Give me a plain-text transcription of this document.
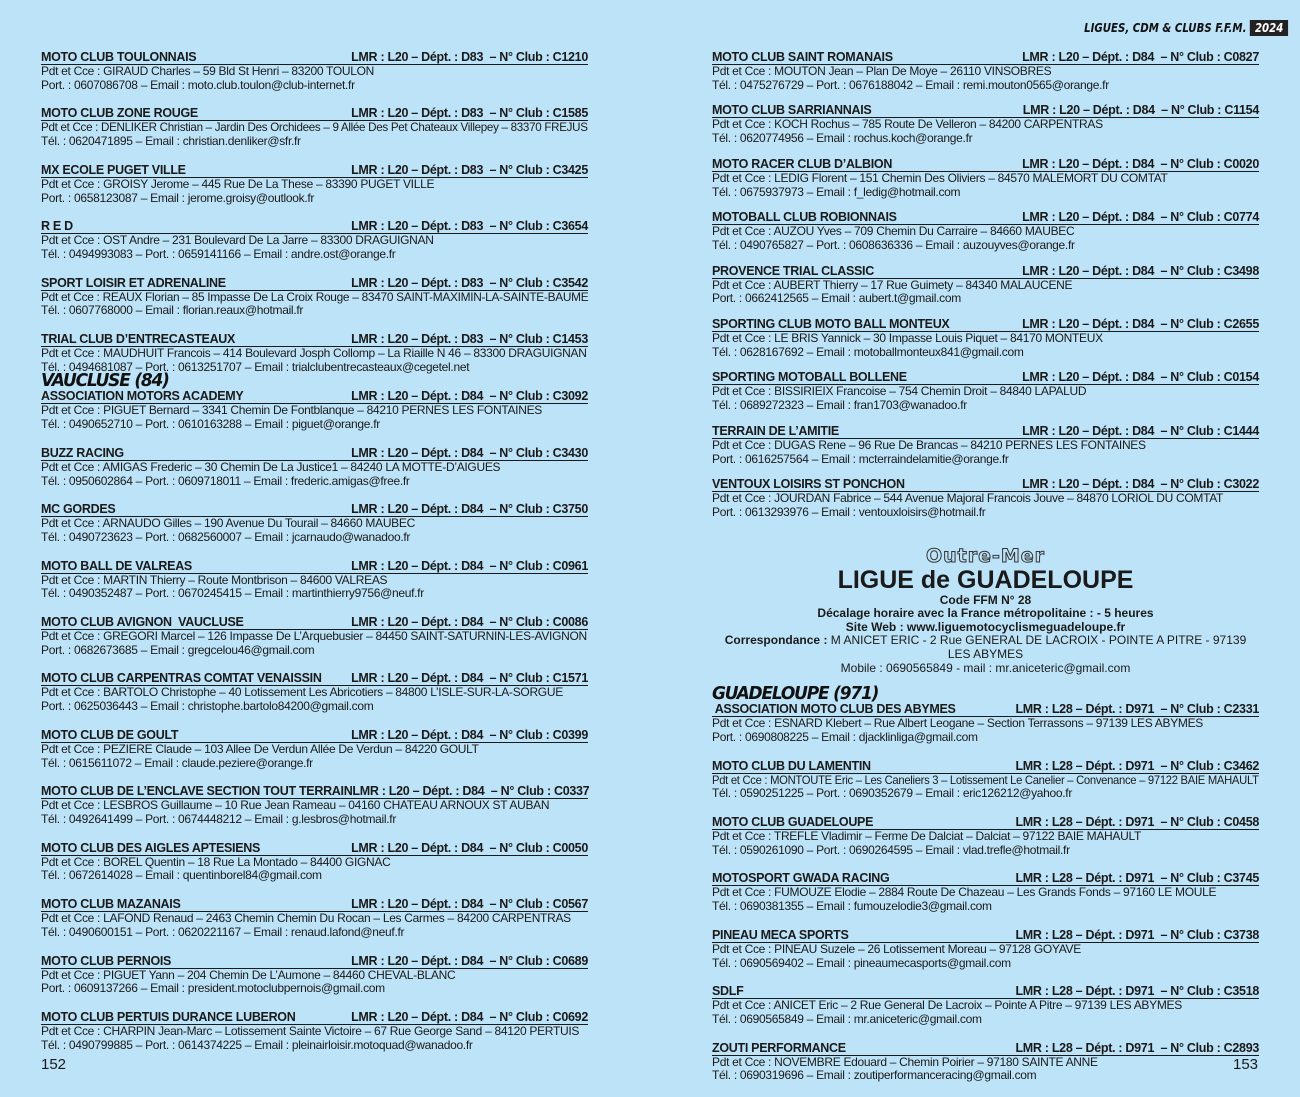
LIGUES, CDM & CLUBS F.F.M. 2024
MOTO CLUB TOULONNAIS	LMR : L20 – Dépt. : D83  – N° Club : C1210
Pdt et Cce : GIRAUD Charles – 59 Bld St Henri – 83200 TOULON
Port. : 0607086708 – Email : moto.club.toulon@club-internet.fr
MOTO CLUB ZONE ROUGE	LMR : L20 – Dépt. : D83  – N° Club : C1585
Pdt et Cce : DENLIKER Christian – Jardin Des Orchidees – 9 Allée Des Pet Chateaux Villepey – 83370 FREJUS
Tél. : 0620471895 – Email : christian.denliker@sfr.fr
MX ECOLE PUGET VILLE	LMR : L20 – Dépt. : D83  – N° Club : C3425
Pdt et Cce : GROISY Jerome – 445 Rue De La These – 83390 PUGET VILLE
Port. : 0658123087 – Email : jerome.groisy@outlook.fr
R E D	LMR : L20 – Dépt. : D83  – N° Club : C3654
Pdt et Cce : OST Andre – 231 Boulevard De La Jarre – 83300 DRAGUIGNAN
Tél. : 0494993083 – Port. : 0659141166 – Email : andre.ost@orange.fr
SPORT LOISIR ET ADRENALINE	LMR : L20 – Dépt. : D83  – N° Club : C3542
Pdt et Cce : REAUX Florian – 85 Impasse De La Croix Rouge – 83470 SAINT-MAXIMIN-LA-SAINTE-BAUME
Tél. : 0607768000 – Email : florian.reaux@hotmail.fr
TRIAL CLUB D’ENTRECASTEAUX	LMR : L20 – Dépt. : D83  – N° Club : C1453
Pdt et Cce : MAUDHUIT Francois – 414 Boulevard Josph Collomp – La Riaille N 46 – 83300 DRAGUIGNAN
Tél. : 0494681087 – Port. : 0613251707 – Email : trialclubentrecasteaux@cegetel.net
VAUCLUSE (84)
ASSOCIATION MOTORS ACADEMY	LMR : L20 – Dépt. : D84  – N° Club : C3092
Pdt et Cce : PIGUET Bernard – 3341 Chemin De Fontblanque – 84210 PERNES LES FONTAINES
Tél. : 0490652710 – Port. : 0610163288 – Email : piguet@orange.fr
BUZZ RACING	LMR : L20 – Dépt. : D84  – N° Club : C3430
Pdt et Cce : AMIGAS Frederic – 30 Chemin De La Justice1 – 84240 LA MOTTE-D’AIGUES
Tél. : 0950602864 – Port. : 0609718011 – Email : frederic.amigas@free.fr
MC GORDES	LMR : L20 – Dépt. : D84  – N° Club : C3750
Pdt et Cce : ARNAUDO Gilles – 190 Avenue Du Tourail – 84660 MAUBEC
Tél. : 0490723623 – Port. : 0682560007 – Email : jcarnaudo@wanadoo.fr
MOTO BALL DE VALREAS	LMR : L20 – Dépt. : D84  – N° Club : C0961
Pdt et Cce : MARTIN Thierry – Route Montbrison – 84600 VALREAS
Tél. : 0490352487 – Port. : 0670245415 – Email : martinthierry9756@neuf.fr
MOTO CLUB AVIGNON  VAUCLUSE	LMR : L20 – Dépt. : D84  – N° Club : C0086
Pdt et Cce : GREGORI Marcel – 126 Impasse De L’Arquebusier – 84450 SAINT-SATURNIN-LES-AVIGNON
Port. : 0682673685 – Email : gregcelou46@gmail.com
MOTO CLUB CARPENTRAS COMTAT VENAISSIN LMR : L20 – Dépt. : D84  – N° Club : C1571
Pdt et Cce : BARTOLO Christophe – 40 Lotissement Les Abricotiers – 84800 L’ISLE-SUR-LA-SORGUE
Port. : 0625036443 – Email : christophe.bartolo84200@gmail.com
MOTO CLUB DE GOULT	LMR : L20 – Dépt. : D84  – N° Club : C0399
Pdt et Cce : PEZIERE Claude – 103 Allee De Verdun Allée De Verdun – 84220 GOULT
Tél. : 0615611072 – Email : claude.peziere@orange.fr
MOTO CLUB DE L’ENCLAVE SECTION TOUT TERRAIN LMR : L20 – Dépt. : D84  – N° Club : C0337
Pdt et Cce : LESBROS Guillaume – 10 Rue Jean Rameau – 04160 CHATEAU ARNOUX ST AUBAN
Tél. : 0492641499 – Port. : 0674448212 – Email : g.lesbros@hotmail.fr
MOTO CLUB DES AIGLES APTESIENS	LMR : L20 – Dépt. : D84  – N° Club : C0050
Pdt et Cce : BOREL Quentin – 18 Rue La Montado – 84400 GIGNAC
Tél. : 0672614028 – Email : quentinborel84@gmail.com
MOTO CLUB MAZANAIS	LMR : L20 – Dépt. : D84  – N° Club : C0567
Pdt et Cce : LAFOND Renaud – 2463 Chemin Chemin Du Rocan – Les Carmes – 84200 CARPENTRAS
Tél. : 0490600151 – Port. : 0620221167 – Email : renaud.lafond@neuf.fr
MOTO CLUB PERNOIS	LMR : L20 – Dépt. : D84  – N° Club : C0689
Pdt et Cce : PIGUET Yann – 204 Chemin De L’Aumone – 84460 CHEVAL-BLANC
Port. : 0609137266 – Email : president.motoclubpernois@gmail.com
MOTO CLUB PERTUIS DURANCE LUBERON	LMR : L20 – Dépt. : D84  – N° Club : C0692
Pdt et Cce : CHARPIN Jean-Marc – Lotissement Sainte Victoire – 67 Rue George Sand – 84120 PERTUIS
Tél. : 0490799885 – Port. : 0614374225 – Email : pleinairloisir.motoquad@wanadoo.fr
MOTO CLUB SAINT ROMANAIS	LMR : L20 – Dépt. : D84  – N° Club : C0827
Pdt et Cce : MOUTON Jean – Plan De Moye – 26110 VINSOBRES
Tél. : 0475276729 – Port. : 0676188042 – Email : remi.mouton0565@orange.fr
MOTO CLUB SARRIANNAIS	LMR : L20 – Dépt. : D84  – N° Club : C1154
Pdt et Cce : KOCH Rochus – 785 Route De Velleron – 84200 CARPENTRAS
Tél. : 0620774956 – Email : rochus.koch@orange.fr
MOTO RACER CLUB D’ALBION	LMR : L20 – Dépt. : D84  – N° Club : C0020
Pdt et Cce : LEDIG Florent – 151 Chemin Des Oliviers – 84570 MALEMORT DU COMTAT
Tél. : 0675937973 – Email : f_ledig@hotmail.com
MOTOBALL CLUB ROBIONNAIS	LMR : L20 – Dépt. : D84  – N° Club : C0774
Pdt et Cce : AUZOU Yves – 709 Chemin Du Carraire – 84660 MAUBEC
Tél. : 0490765827 – Port. : 0608636336 – Email : auzouyves@orange.fr
PROVENCE TRIAL CLASSIC	LMR : L20 – Dépt. : D84  – N° Club : C3498
Pdt et Cce : AUBERT Thierry – 17 Rue Guimety – 84340 MALAUCENE
Port. : 0662412565 – Email : aubert.t@gmail.com
SPORTING CLUB MOTO BALL MONTEUX	LMR : L20 – Dépt. : D84  – N° Club : C2655
Pdt et Cce : LE BRIS Yannick – 30 Impasse Louis Piquet – 84170 MONTEUX
Tél. : 0628167692 – Email : motoballmonteux841@gmail.com
SPORTING MOTOBALL BOLLENE	LMR : L20 – Dépt. : D84  – N° Club : C0154
Pdt et Cce : BISSIRIEIX Francoise – 754 Chemin Droit – 84840 LAPALUD
Tél. : 0689272323 – Email : fran1703@wanadoo.fr
TERRAIN DE L’AMITIE	LMR : L20 – Dépt. : D84  – N° Club : C1444
Pdt et Cce : DUGAS Rene – 96 Rue De Brancas – 84210 PERNES LES FONTAINES
Port. : 0616257564 – Email : mcterraindelamitie@orange.fr
VENTOUX LOISIRS ST PONCHON	LMR : L20 – Dépt. : D84  – N° Club : C3022
Pdt et Cce : JOURDAN Fabrice – 544 Avenue Majoral Francois Jouve – 84870 LORIOL DU COMTAT
Port. : 0613293976 – Email : ventouxloisirs@hotmail.fr
Outre-Mer
LIGUE de GUADELOUPE
Code FFM N° 28
Décalage horaire avec la France métropolitaine : - 5 heures
Site Web : www.liguemotocyclismeguadeloupe.fr
Correspondance : M ANICET ERIC - 2 Rue GENERAL DE LACROIX - POINTE A PITRE - 97139 LES ABYMES
Mobile : 0690565849 - mail : mr.aniceteric@gmail.com
GUADELOUPE (971)
ASSOCIATION MOTO CLUB DES ABYMES	LMR : L28 – Dépt. : D971  – N° Club : C2331
Pdt et Cce : ESNARD Klebert – Rue Albert Leogane – Section Terrassons – 97139 LES ABYMES
Port. : 0690808225 – Email : djacklinliga@gmail.com
MOTO CLUB DU LAMENTIN	LMR : L28 – Dépt. : D971  – N° Club : C3462
Pdt et Cce : MONTOUTE Eric – Les Caneliers 3 – Lotissement Le Canelier – Convenance – 97122 BAIE MAHAULT
Tél. : 0590251225 – Port. : 0690352679 – Email : eric126212@yahoo.fr
MOTO CLUB GUADELOUPE	LMR : L28 – Dépt. : D971  – N° Club : C0458
Pdt et Cce : TREFLE Vladimir – Ferme De Dalciat – Dalciat – 97122 BAIE MAHAULT
Tél. : 0590261090 – Port. : 0690264595 – Email : vlad.trefle@hotmail.fr
MOTOSPORT GWADA RACING	LMR : L28 – Dépt. : D971  – N° Club : C3745
Pdt et Cce : FUMOUZE Elodie – 2884 Route De Chazeau – Les Grands Fonds – 97160 LE MOULE
Tél. : 0690381355 – Email : fumouzelodie3@gmail.com
PINEAU MECA SPORTS	LMR : L28 – Dépt. : D971  – N° Club : C3738
Pdt et Cce : PINEAU Suzele – 26 Lotissement Moreau – 97128 GOYAVE
Tél. : 0690569402 – Email : pineaumecasports@gmail.com
SDLF	LMR : L28 – Dépt. : D971  – N° Club : C3518
Pdt et Cce : ANICET Eric – 2 Rue General De Lacroix – Pointe A Pitre – 97139 LES ABYMES
Tél. : 0690565849 – Email : mr.aniceteric@gmail.com
ZOUTI PERFORMANCE	LMR : L28 – Dépt. : D971  – N° Club : C2893
Pdt et Cce : NOVEMBRE Edouard – Chemin Poirier – 97180 SAINTE ANNE
Tél. : 0690319696 – Email : zoutiperformanceracing@gmail.com
152	153
